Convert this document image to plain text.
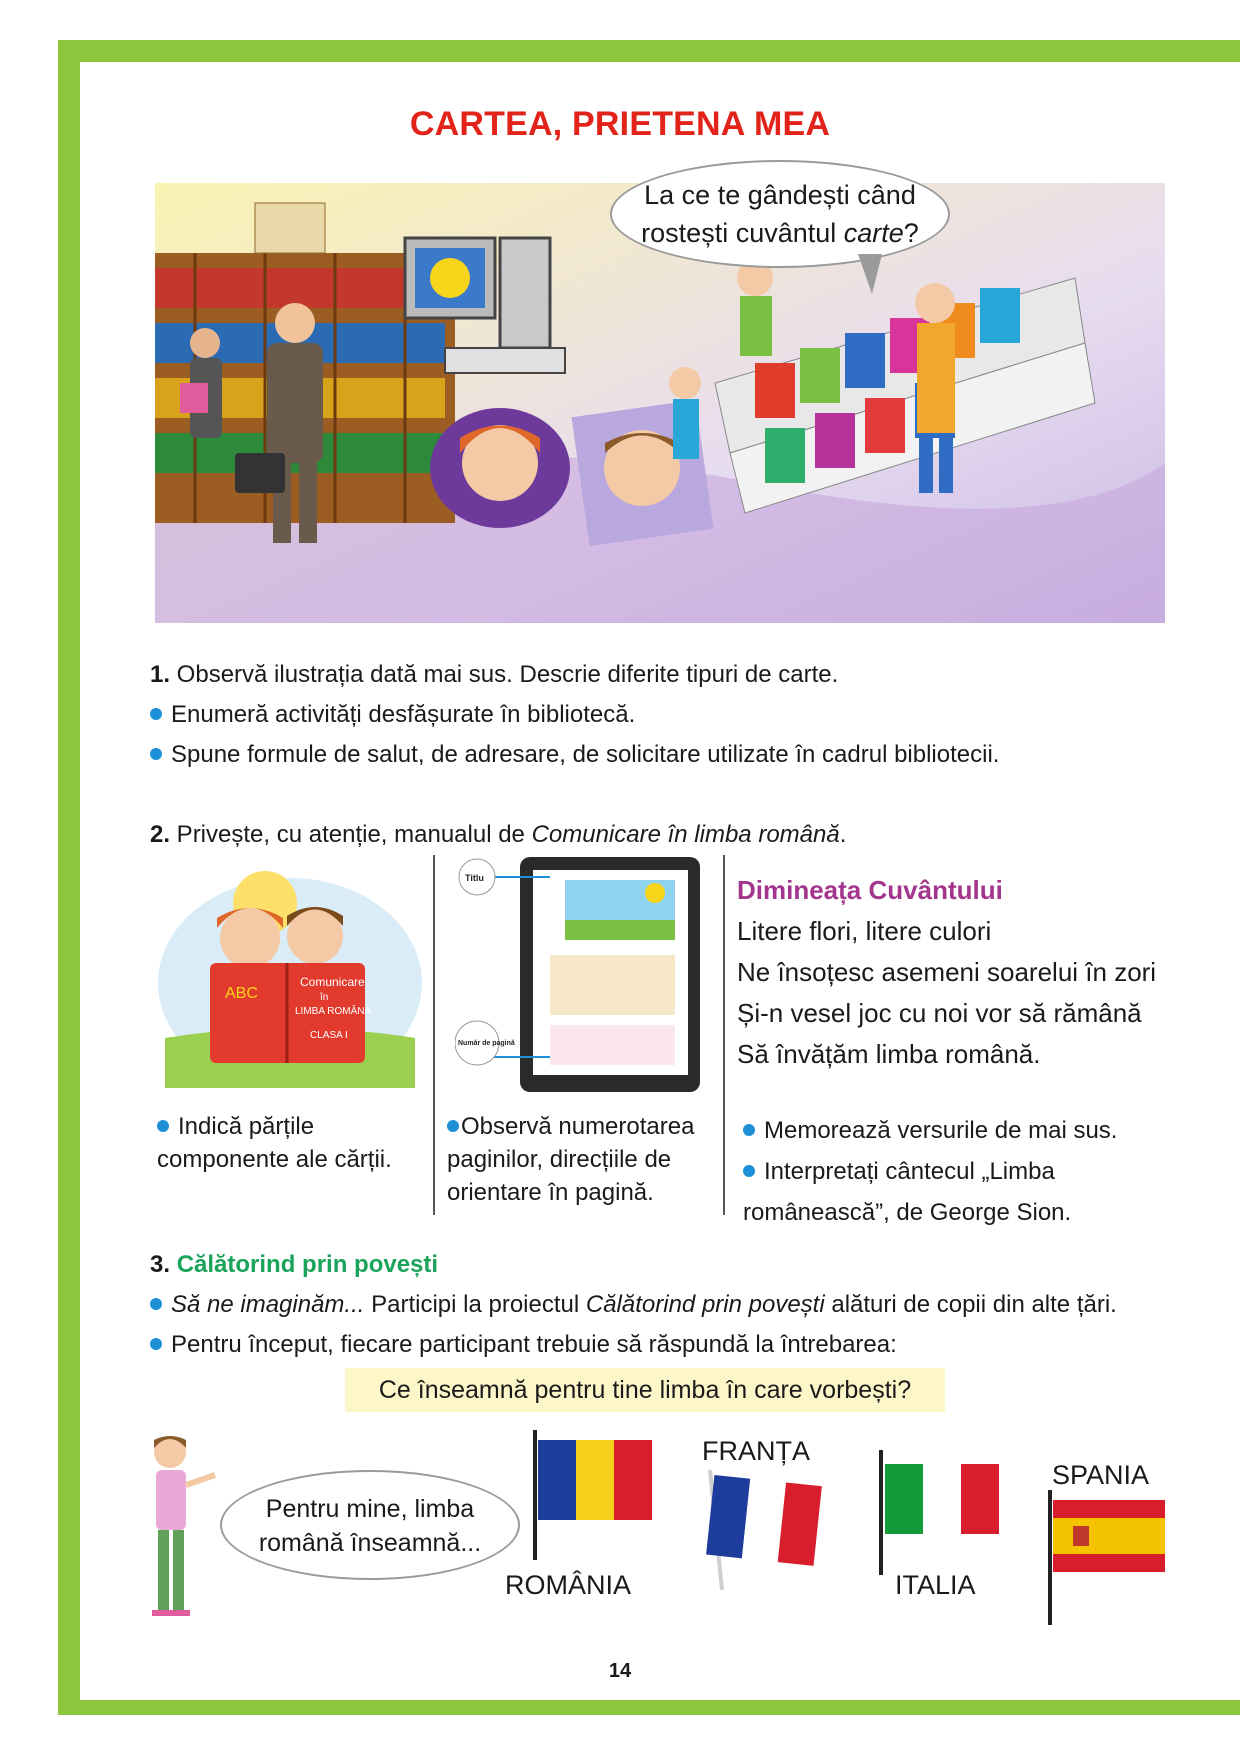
CARTEA, PRIETENA MEA
La ce te gândești când
rostești cuvântul carte?
1. Observă ilustrația dată mai sus. Descrie diferite tipuri de carte.
Enumeră activități desfășurate în bibliotecă.
Spune formule de salut, de adresare, de solicitare utilizate în cadrul bibliotecii.
2. Privește, cu atenție, manualul de Comunicare în limba română.
ABC
Comunicare
în
LIMBA ROMÂNĂ
CLASA I
Titlu
Număr de pagină
Dimineața Cuvântului
Litere flori, litere culori
Ne însoțesc asemeni soarelui în zori
Și-n vesel joc cu noi vor să rămână
Să învățăm limba română.
Indică părțile
componente ale cărții.
Observă numerotarea
paginilor, direcțiile de
orientare în pagină.
Memorează versurile de mai sus.
Interpretați cântecul „Limba
românească”, de George Sion.
3. Călătorind prin povești
Să ne imaginăm... Participi la proiectul Călătorind prin povești alături de copii din alte țări.
Pentru început, fiecare participant trebuie să răspundă la întrebarea:
Ce înseamnă pentru tine limba în care vorbești?
Pentru mine, limba
română înseamnă...
ROMÂNIA
FRANȚA
ITALIA
SPANIA
14
